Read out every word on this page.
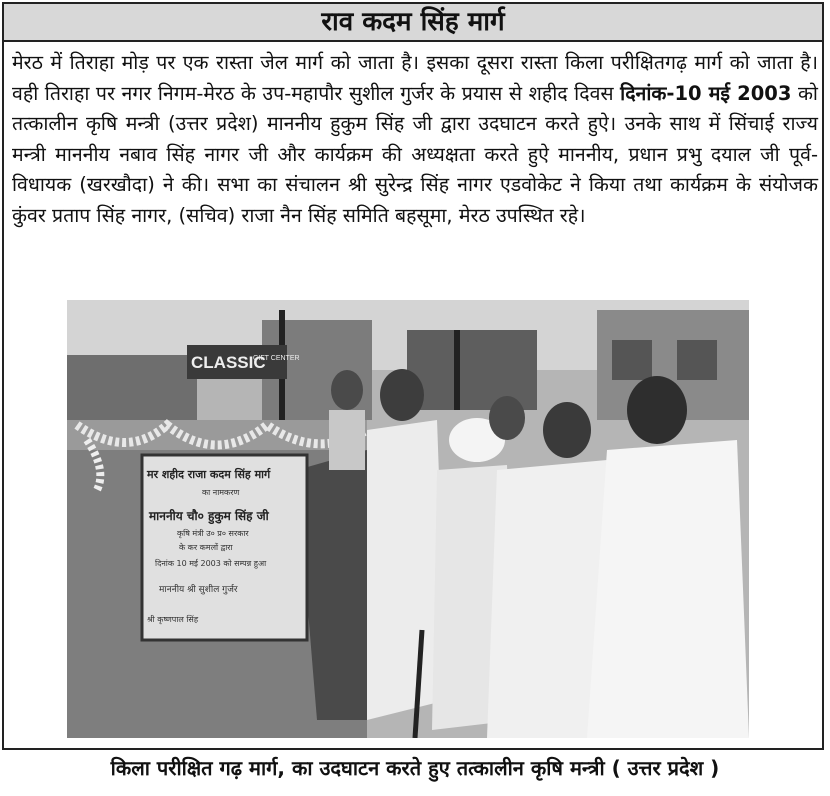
राव कदम सिंह मार्ग
मेरठ में तिराहा मोड़ पर एक रास्ता जेल मार्ग को जाता है। इसका दूसरा रास्ता किला परीक्षितगढ़ मार्ग को जाता है। वही तिराहा पर नगर निगम-मेरठ के उप-महापौर सुशील गुर्जर के प्रयास से शहीद दिवस दिनांक-10 मई 2003 को तत्कालीन कृषि मन्त्री (उत्तर प्रदेश) माननीय हुकुम सिंह जी द्वारा उदघाटन करते हुऐ। उनके साथ में सिंचाई राज्य मन्त्री माननीय नबाव सिंह नागर जी और कार्यक्रम की अध्यक्षता करते हुऐ माननीय, प्रधान प्रभु दयाल जी पूर्व-विधायक (खरखौदा) ने की। सभा का संचालन श्री सुरेन्द्र सिंह नागर एडवोकेट ने किया तथा कार्यक्रम के संयोजक कुंवर प्रताप सिंह नागर, (सचिव) राजा नैन सिंह समिति बहसूमा, मेरठ उपस्थित रहे।
CLASSIC
GIFT CENTER
मर शहीद राजा कदम सिंह मार्ग
का नामकरण
माननीय चौ० हुकुम सिंह जी
कृषि मंत्री उ० प्र० सरकार
के कर कमलों द्वारा
दिनांक 10 मई 2003 को सम्पन्न हुआ
माननीय श्री सुशील गुर्जर
श्री कृष्णपाल सिंह
किला परीक्षित गढ़ मार्ग, का उदघाटन करते हुए तत्कालीन कृषि मन्त्री ( उत्तर प्रदेश )
